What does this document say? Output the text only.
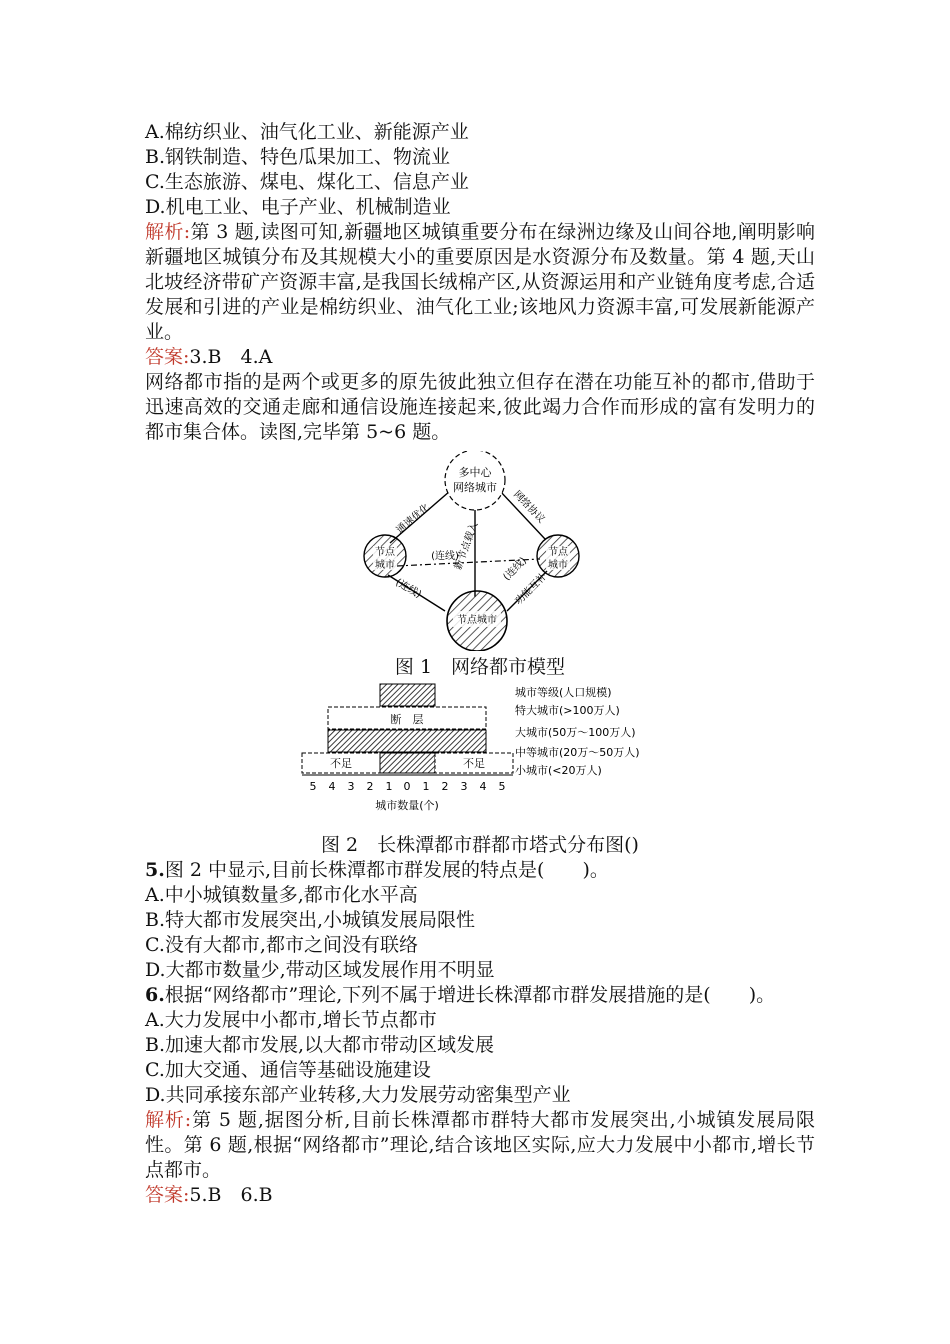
A.棉纺织业、油气化工业、新能源产业
B.钢铁制造、特色瓜果加工、物流业
C.生态旅游、煤电、煤化工、信息产业
D.机电工业、电子产业、机械制造业
解析:第 3 题,读图可知,新疆地区城镇重要分布在绿洲边缘及山间谷地,阐明影响新疆地区城镇分布及其规模大小的重要原因是水资源分布及数量。第 4 题,天山北坡经济带矿产资源丰富,是我国长绒棉产区,从资源运用和产业链角度考虑,合适发展和引进的产业是棉纺织业、油气化工业;该地风力资源丰富,可发展新能源产业。
答案:3.B　4.A
网络都市指的是两个或更多的原先彼此独立但存在潜在功能互补的都市,借助于迅速高效的交通走廊和通信设施连接起来,彼此竭力合作而形成的富有发明力的都市集合体。读图,完毕第 5~6 题。
多中心
网络城市
节点
城市
节点
城市
节点城市
通速优化	网络协议
(连线)
新节点载入
(连线)
(连线)
功能互补
图 1　网络都市模型
断　层
不足	不足
5 4 3 2 1 0 1 2 3 4 5
城市数量(个)
城市等级(人口规模)
特大城市(>100万人)
大城市(50万～100万人)
中等城市(20万～50万人)
小城市(<20万人)
图 2　长株潭都市群都市塔式分布图()
5.图 2 中显示,目前长株潭都市群发展的特点是(　　)。
A.中小城镇数量多,都市化水平高
B.特大都市发展突出,小城镇发展局限性
C.没有大都市,都市之间没有联络
D.大都市数量少,带动区域发展作用不明显
6.根据“网络都市”理论,下列不属于增进长株潭都市群发展措施的是(　　)。
A.大力发展中小都市,增长节点都市
B.加速大都市发展,以大都市带动区域发展
C.加大交通、通信等基础设施建设
D.共同承接东部产业转移,大力发展劳动密集型产业
解析:第 5 题,据图分析,目前长株潭都市群特大都市发展突出,小城镇发展局限性。第 6 题,根据“网络都市”理论,结合该地区实际,应大力发展中小都市,增长节点都市。
答案:5.B　6.B
